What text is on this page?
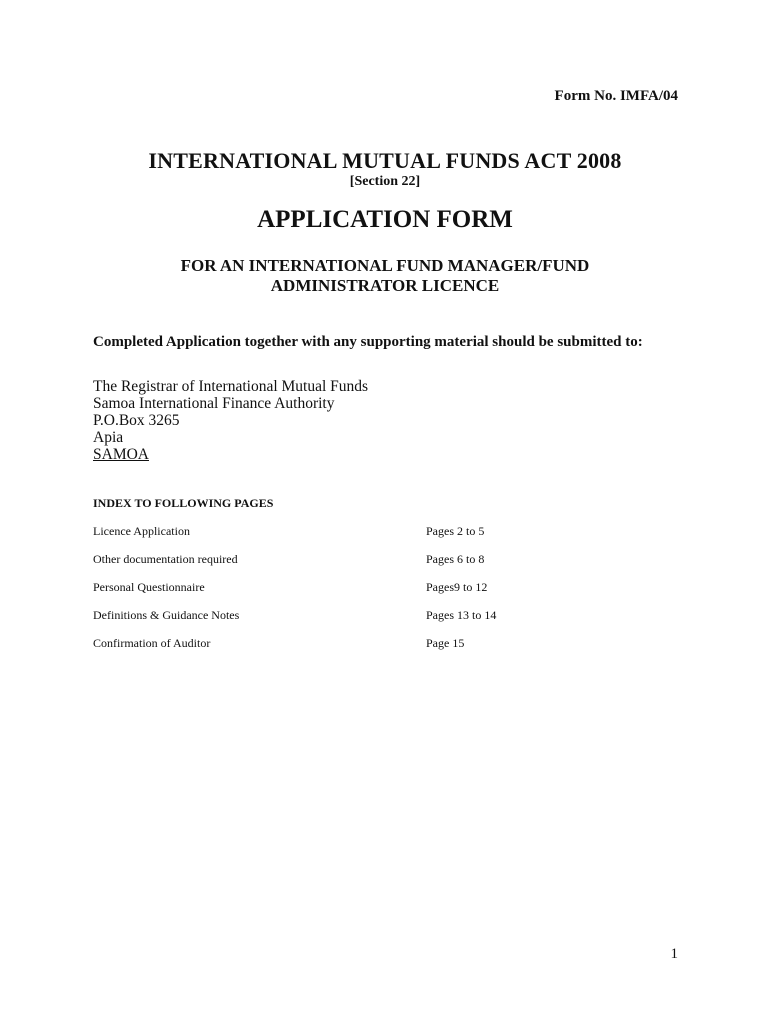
Form No. IMFA/04
INTERNATIONAL MUTUAL FUNDS ACT 2008
[Section 22]
APPLICATION FORM
FOR AN INTERNATIONAL FUND MANAGER/FUND
ADMINISTRATOR LICENCE
Completed Application together with any supporting material should be submitted to:
The Registrar of International Mutual Funds
Samoa International Finance Authority
P.O.Box 3265
Apia
SAMOA
INDEX TO FOLLOWING PAGES
Licence Application	Pages 2 to 5
Other documentation required	Pages 6 to 8
Personal Questionnaire	Pages9 to 12
Definitions & Guidance Notes	Pages 13 to 14
Confirmation of Auditor	Page 15
1
